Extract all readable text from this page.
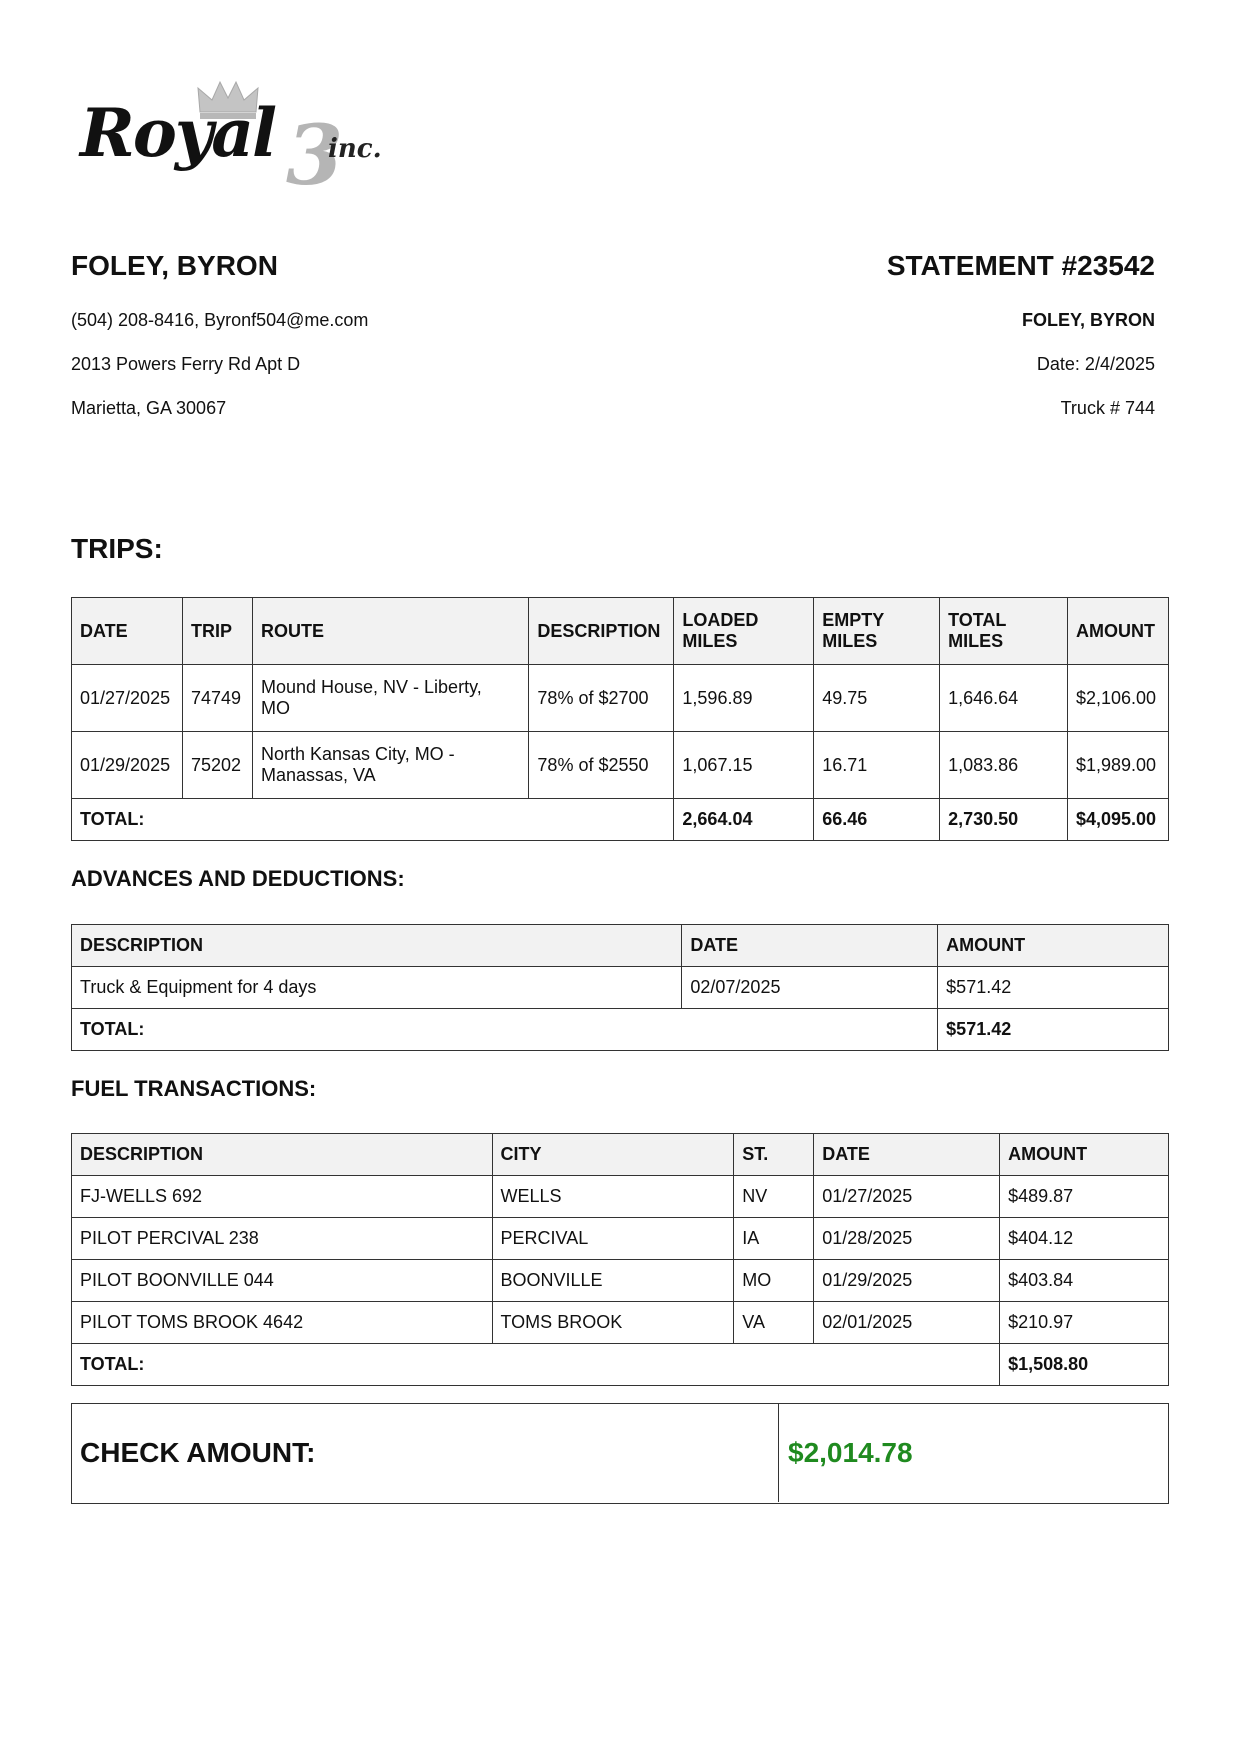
Royal 3
inc.
FOLEY, BYRON	STATEMENT #23542
(504) 208-8416, Byronf504@me.com
2013 Powers Ferry Rd Apt D
Marietta, GA 30067
FOLEY, BYRON
Date: 2/4/2025
Truck # 744
TRIPS:
DATE	TRIP	ROUTE	DESCRIPTION	LOADED
MILES	EMPTY
MILES	TOTAL
MILES	AMOUNT
01/27/2025	74749	Mound House, NV - Liberty,
MO	78% of $2700	1,596.89	49.75	1,646.64	$2,106.00
01/29/2025	75202	North Kansas City, MO -
Manassas, VA	78% of $2550	1,067.15	16.71	1,083.86	$1,989.00
TOTAL:				2,664.04	66.46	2,730.50	$4,095.00
ADVANCES AND DEDUCTIONS:
DESCRIPTION	DATE	AMOUNT
Truck & Equipment for 4 days	02/07/2025	$571.42
TOTAL:		$571.42
FUEL TRANSACTIONS:
DESCRIPTION	CITY	ST.	DATE	AMOUNT
FJ-WELLS 692	WELLS	NV	01/27/2025	$489.87
PILOT PERCIVAL 238	PERCIVAL	IA	01/28/2025	$404.12
PILOT BOONVILLE 044	BOONVILLE	MO	01/29/2025	$403.84
PILOT TOMS BROOK 4642	TOMS BROOK	VA	02/01/2025	$210.97
TOTAL:				$1,508.80
CHECK AMOUNT:	$2,014.78
